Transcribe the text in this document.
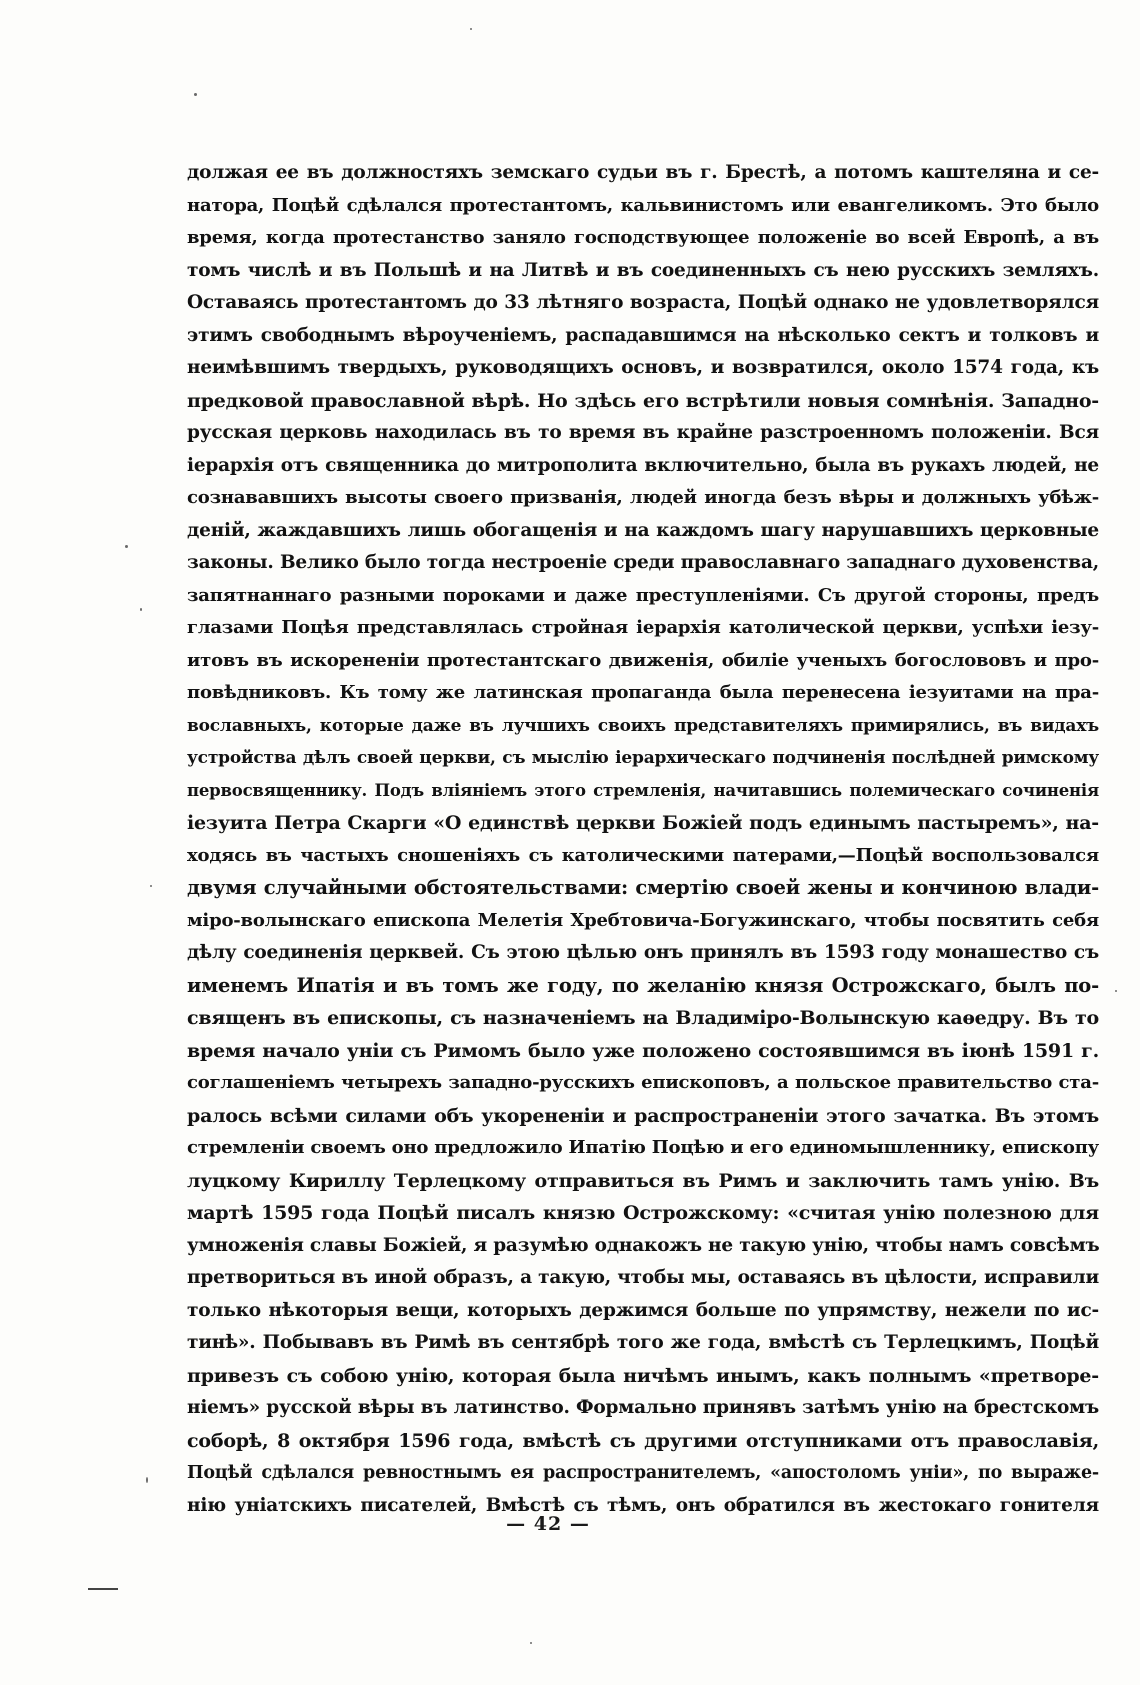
должая ее въ должностяхъ земскаго судьи въ г. Брестѣ, а потомъ каштеляна и се-
натора, Поцѣй сдѣлался протестантомъ, кальвинистомъ или евангеликомъ. Это было
время, когда протестанство заняло господствующее положеніе во всей Европѣ, а въ
томъ числѣ и въ Польшѣ и на Литвѣ и въ соединенныхъ съ нею русскихъ земляхъ.
Оставаясь протестантомъ до 33 лѣтняго возраста, Поцѣй однако не удовлетворялся
этимъ свободнымъ вѣроученіемъ, распадавшимся на нѣсколько сектъ и толковъ и
неимѣвшимъ твердыхъ, руководящихъ основъ, и возвратился, около 1574 года, къ
предковой православной вѣрѣ. Но здѣсь его встрѣтили новыя сомнѣнія. Западно-
русская церковь находилась въ то время въ крайне разстроенномъ положеніи. Вся
іерархія отъ священника до митрополита включительно, была въ рукахъ людей, не
сознававшихъ высоты своего призванія, людей иногда безъ вѣры и должныхъ убѣж-
деній, жаждавшихъ лишь обогащенія и на каждомъ шагу нарушавшихъ церковные
законы. Велико было тогда нестроеніе среди православнаго западнаго духовенства,
запятнаннаго разными пороками и даже преступленіями. Съ другой стороны, предъ
глазами Поцѣя представлялась стройная іерархія католической церкви, успѣхи іезу-
итовъ въ искорененіи протестантскаго движенія, обиліе ученыхъ богослововъ и про-
повѣдниковъ. Къ тому же латинская пропаганда была перенесена іезуитами на пра-
вославныхъ, которые даже въ лучшихъ своихъ представителяхъ примирялись, въ видахъ
устройства дѣлъ своей церкви, съ мыслію іерархическаго подчиненія послѣдней римскому
первосвященнику. Подъ вліяніемъ этого стремленія, начитавшись полемическаго сочиненія
іезуита Петра Скарги «О единствѣ церкви Божіей подъ единымъ пастыремъ», на-
ходясь въ частыхъ сношеніяхъ съ католическими патерами,—Поцѣй воспользовался
двумя случайными обстоятельствами: смертію своей жены и кончиною влади-
міро-волынскаго епископа Мелетія Хребтовича-Богужинскаго, чтобы посвятить себя
дѣлу соединенія церквей. Съ этою цѣлью онъ принялъ въ 1593 году монашество съ
именемъ Ипатія и въ томъ же году, по желанію князя Острожскаго, былъ по-
священъ въ епископы, съ назначеніемъ на Владиміро-Волынскую каѳедру. Въ то
время начало уніи съ Римомъ было уже положено состоявшимся въ іюнѣ 1591 г.
соглашеніемъ четырехъ западно-русскихъ епископовъ, а польское правительство ста-
ралось всѣми силами объ укорененіи и распространеніи этого зачатка. Въ этомъ
стремленіи своемъ оно предложило Ипатію Поцѣю и его единомышленнику, епископу
луцкому Кириллу Терлецкому отправиться въ Римъ и заключить тамъ унію. Въ
мартѣ 1595 года Поцѣй писалъ князю Острожскому: «считая унію полезною для
умноженія славы Божіей, я разумѣю однакожъ не такую унію, чтобы намъ совсѣмъ
претвориться въ иной образъ, а такую, чтобы мы, оставаясь въ цѣлости, исправили
только нѣкоторыя вещи, которыхъ держимся больше по упрямству, нежели по ис-
тинѣ». Побывавъ въ Римѣ въ сентябрѣ того же года, вмѣстѣ съ Терлецкимъ, Поцѣй
привезъ съ собою унію, которая была ничѣмъ инымъ, какъ полнымъ «претворе-
ніемъ» русской вѣры въ латинство. Формально принявъ затѣмъ унію на брестскомъ
соборѣ, 8 октября 1596 года, вмѣстѣ съ другими отступниками отъ православія,
Поцѣй сдѣлался ревностнымъ ея распространителемъ, «апостоломъ уніи», по выраже-
нію уніатскихъ писателей, Вмѣстѣ съ тѣмъ, онъ обратился въ жестокаго гонителя
— 42 —
